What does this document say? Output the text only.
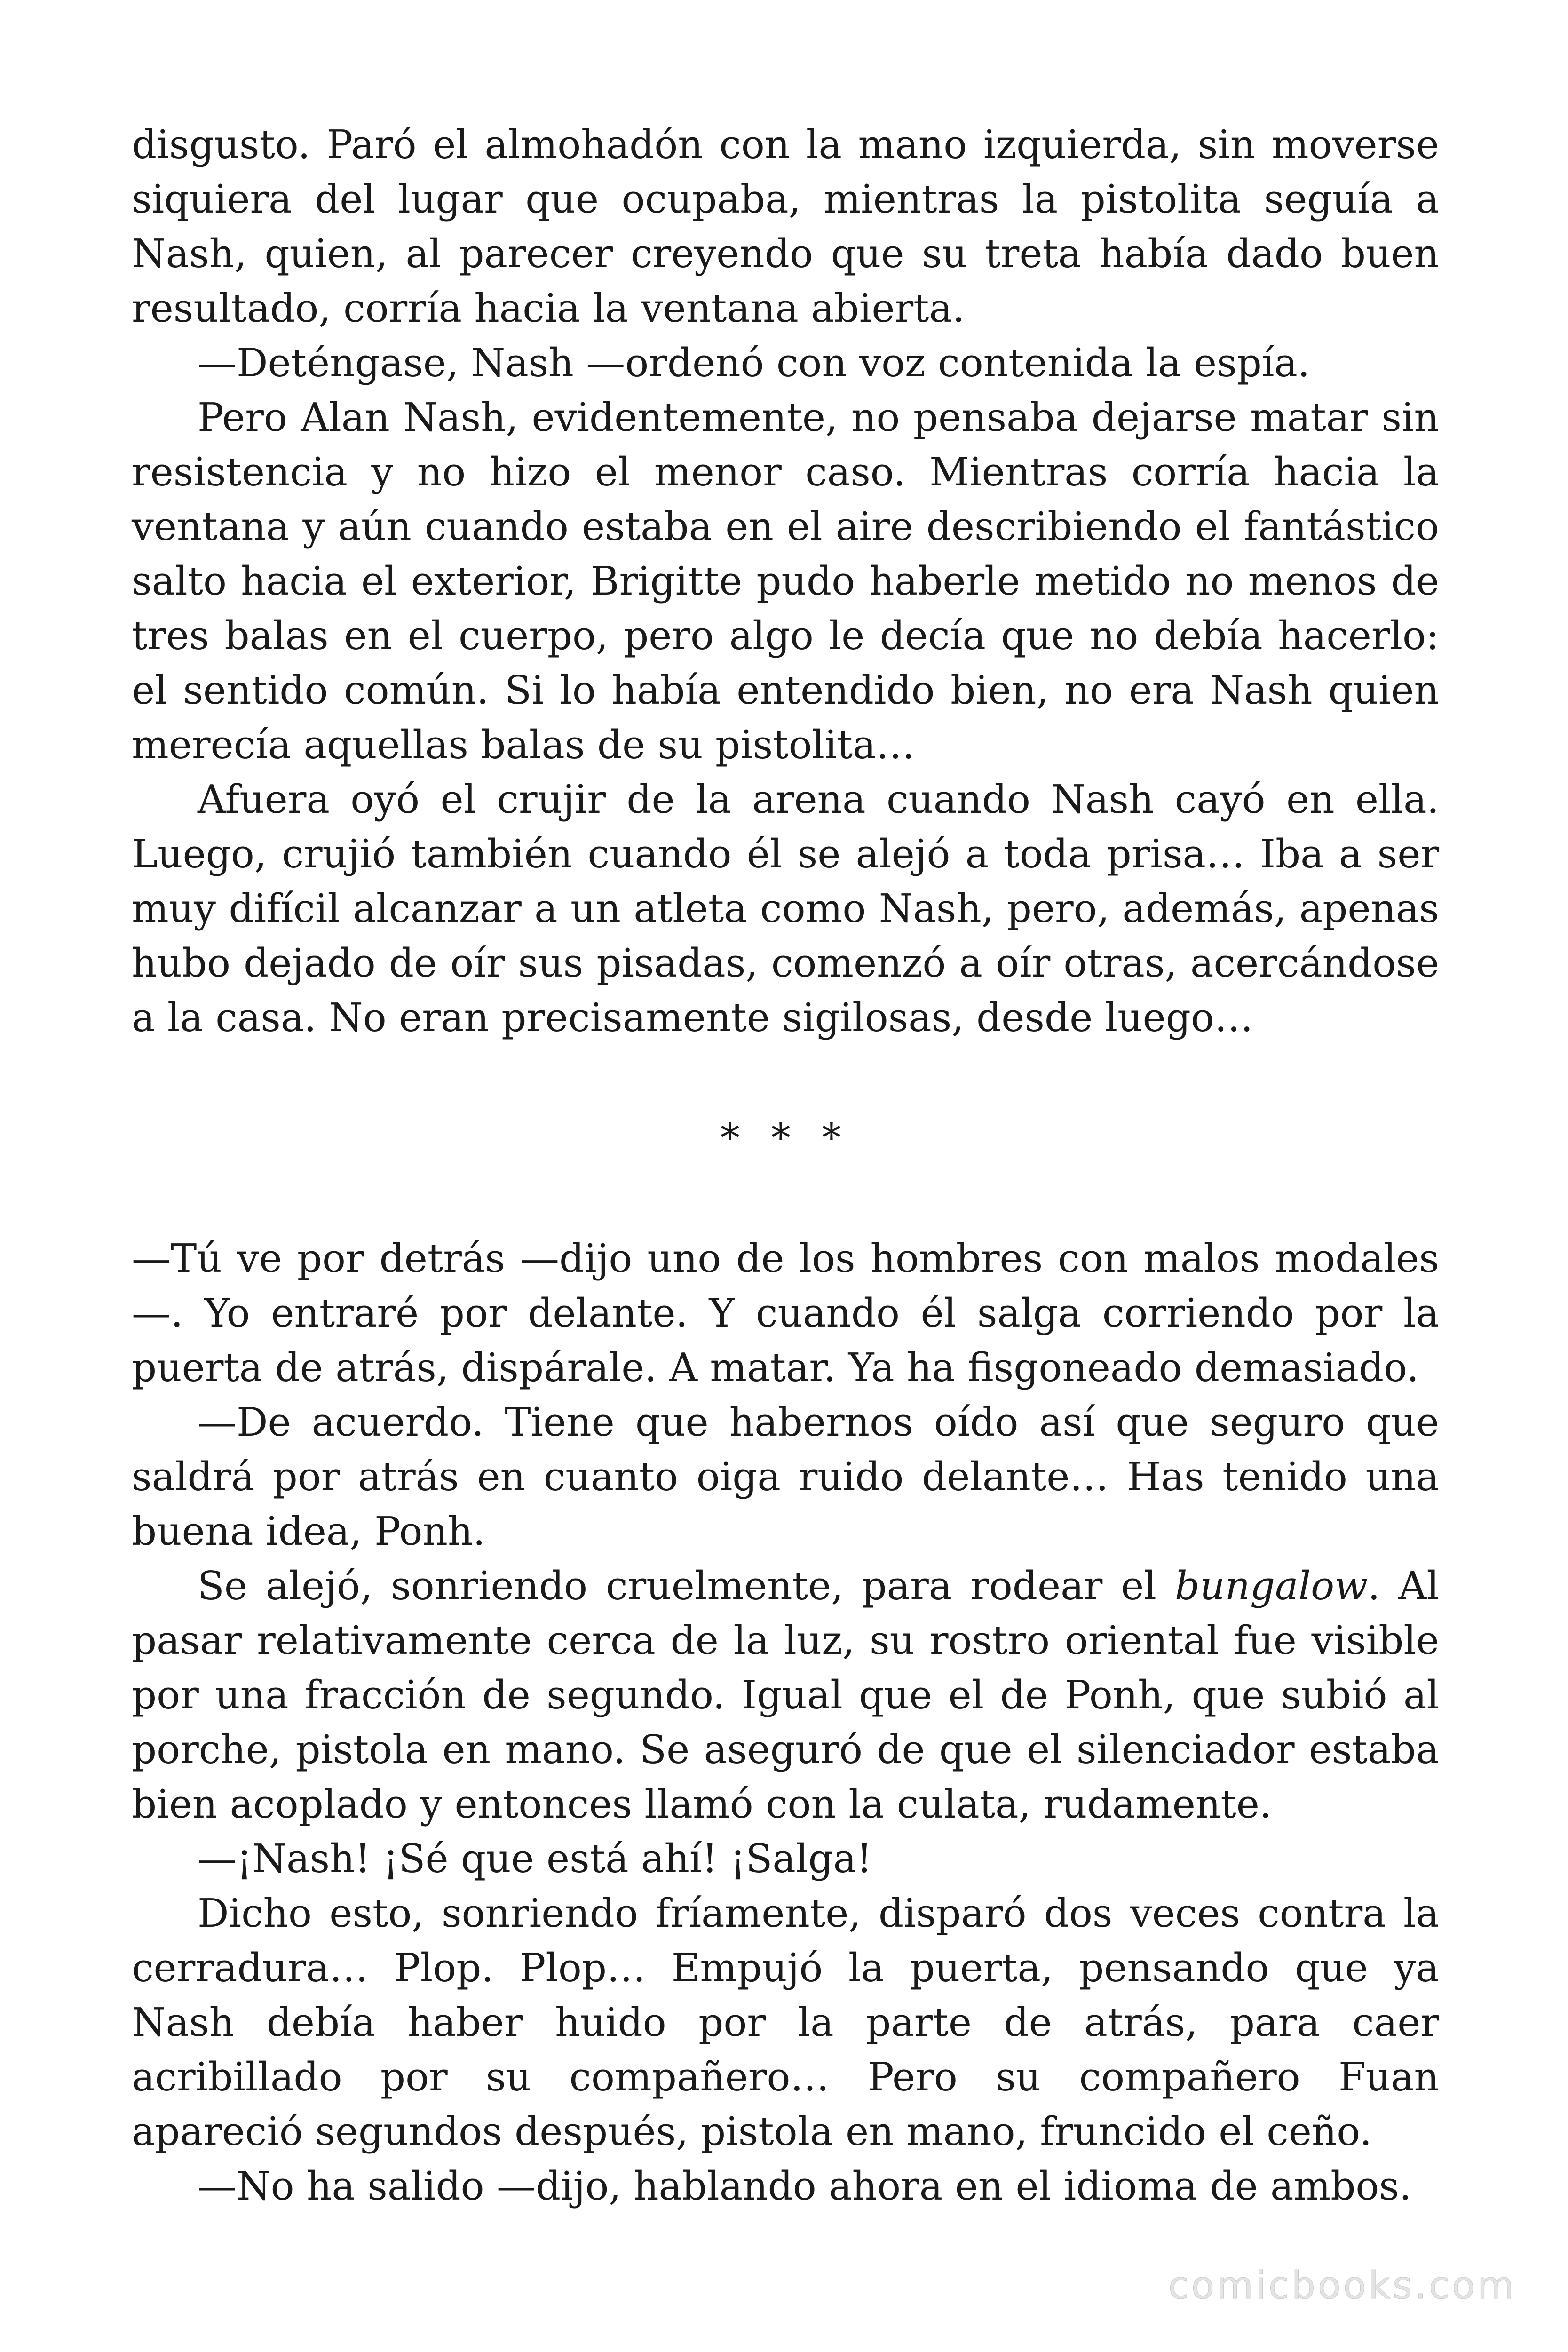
disgusto. Paró el almohadón con la mano izquierda, sin moverse siquiera del lugar que ocupaba, mientras la pistolita seguía a Nash, quien, al parecer creyendo que su treta había dado buen resultado, corría hacia la ventana abierta.

—Deténgase, Nash —ordenó con voz contenida la espía.

Pero Alan Nash, evidentemente, no pensaba dejarse matar sin resistencia y no hizo el menor caso. Mientras corría hacia la ventana y aún cuando estaba en el aire describiendo el fantástico salto hacia el exterior, Brigitte pudo haberle metido no menos de tres balas en el cuerpo, pero algo le decía que no debía hacerlo: el sentido común. Si lo había entendido bien, no era Nash quien merecía aquellas balas de su pistolita…

Afuera oyó el crujir de la arena cuando Nash cayó en ella. Luego, crujió también cuando él se alejó a toda prisa… Iba a ser muy difícil alcanzar a un atleta como Nash, pero, además, apenas hubo dejado de oír sus pisadas, comenzó a oír otras, acercándose a la casa. No eran precisamente sigilosas, desde luego…

* * *

—Tú ve por detrás —dijo uno de los hombres con malos modales—. Yo entraré por delante. Y cuando él salga corriendo por la puerta de atrás, dispárale. A matar. Ya ha fisgoneado demasiado.

—De acuerdo. Tiene que habernos oído así que seguro que saldrá por atrás en cuanto oiga ruido delante… Has tenido una buena idea, Ponh.

Se alejó, sonriendo cruelmente, para rodear el bungalow. Al pasar relativamente cerca de la luz, su rostro oriental fue visible por una fracción de segundo. Igual que el de Ponh, que subió al porche, pistola en mano. Se aseguró de que el silenciador estaba bien acoplado y entonces llamó con la culata, rudamente.

—¡Nash! ¡Sé que está ahí! ¡Salga!

Dicho esto, sonriendo fríamente, disparó dos veces contra la cerradura… Plop. Plop… Empujó la puerta, pensando que ya Nash debía haber huido por la parte de atrás, para caer acribillado por su compañero… Pero su compañero Fuan apareció segundos después, pistola en mano, fruncido el ceño.

—No ha salido —dijo, hablando ahora en el idioma de ambos.

comicbooks.com
